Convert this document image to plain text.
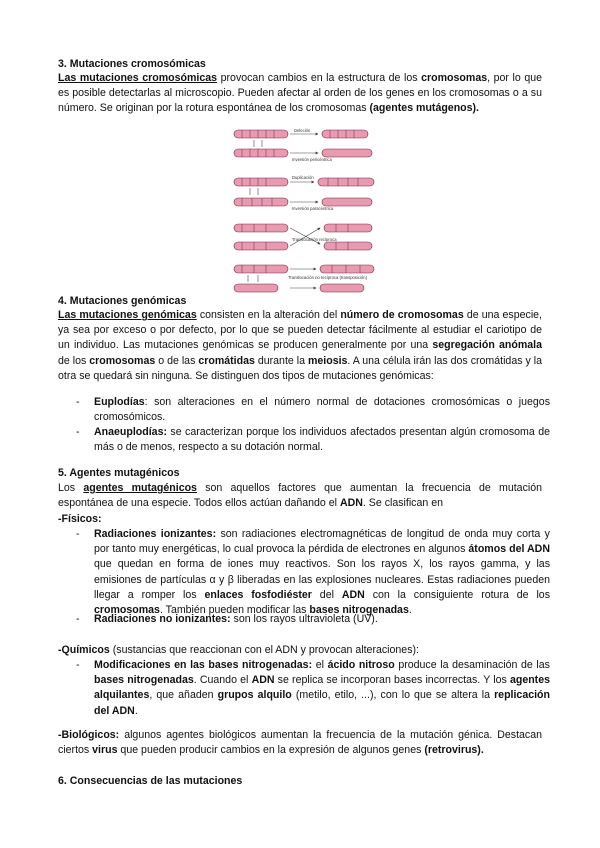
3. Mutaciones cromosómicas
Las mutaciones cromosómicas provocan cambios en la estructura de los cromosomas, por lo que es posible detectarlas al microscopio. Pueden afectar al orden de los genes en los cromosomas o a su número. Se originan por la rotura espontánea de los cromosomas (agentes mutágenos).
Deleción
Inversión pericéntrica
Duplicación
Inversión paracéntrica
Translocación recíproca
Translocación no recíproca (transposición)
4. Mutaciones genómicas
Las mutaciones genómicas consisten en la alteración del número de cromosomas de una especie, ya sea por exceso o por defecto, por lo que se pueden detectar fácilmente al estudiar el cariotipo de un individuo. Las mutaciones genómicas se producen generalmente por una segregación anómala de los cromosomas o de las cromátidas durante la meiosis. A una célula irán las dos cromátidas y la otra se quedará sin ninguna. Se distinguen dos tipos de mutaciones genómicas:
- Euplodías: son alteraciones en el número normal de dotaciones cromosómicas o juegos cromosómicos.
- Anaeuplodías: se caracterizan porque los individuos afectados presentan algún cromosoma de más o de menos, respecto a su dotación normal.
5. Agentes mutagénicos
Los agentes mutagénicos son aquellos factores que aumentan la frecuencia de mutación espontánea de una especie. Todos ellos actúan dañando el ADN. Se clasifican en
-Físicos:
- Radiaciones ionizantes: son radiaciones electromagnéticas de longitud de onda muy corta y por tanto muy energéticas, lo cual provoca la pérdida de electrones en algunos átomos del ADN que quedan en forma de iones muy reactivos. Son los rayos X, los rayos gamma, y las emisiones de partículas α y β liberadas en las explosiones nucleares. Estas radiaciones pueden llegar a romper los enlaces fosfodiéster del ADN con la consiguiente rotura de los cromosomas. También pueden modificar las bases nitrogenadas.
- Radiaciones no ionizantes: son los rayos ultravioleta (UV).
-Químicos (sustancias que reaccionan con el ADN y provocan alteraciones):
- Modificaciones en las bases nitrogenadas: el ácido nitroso produce la desaminación de las bases nitrogenadas. Cuando el ADN se replica se incorporan bases incorrectas. Y los agentes alquilantes, que añaden grupos alquilo (metilo, etilo, ...), con lo que se altera la replicación del ADN.
-Biológicos: algunos agentes biológicos aumentan la frecuencia de la mutación génica. Destacan ciertos virus que pueden producir cambios en la expresión de algunos genes (retrovirus).
6. Consecuencias de las mutaciones
